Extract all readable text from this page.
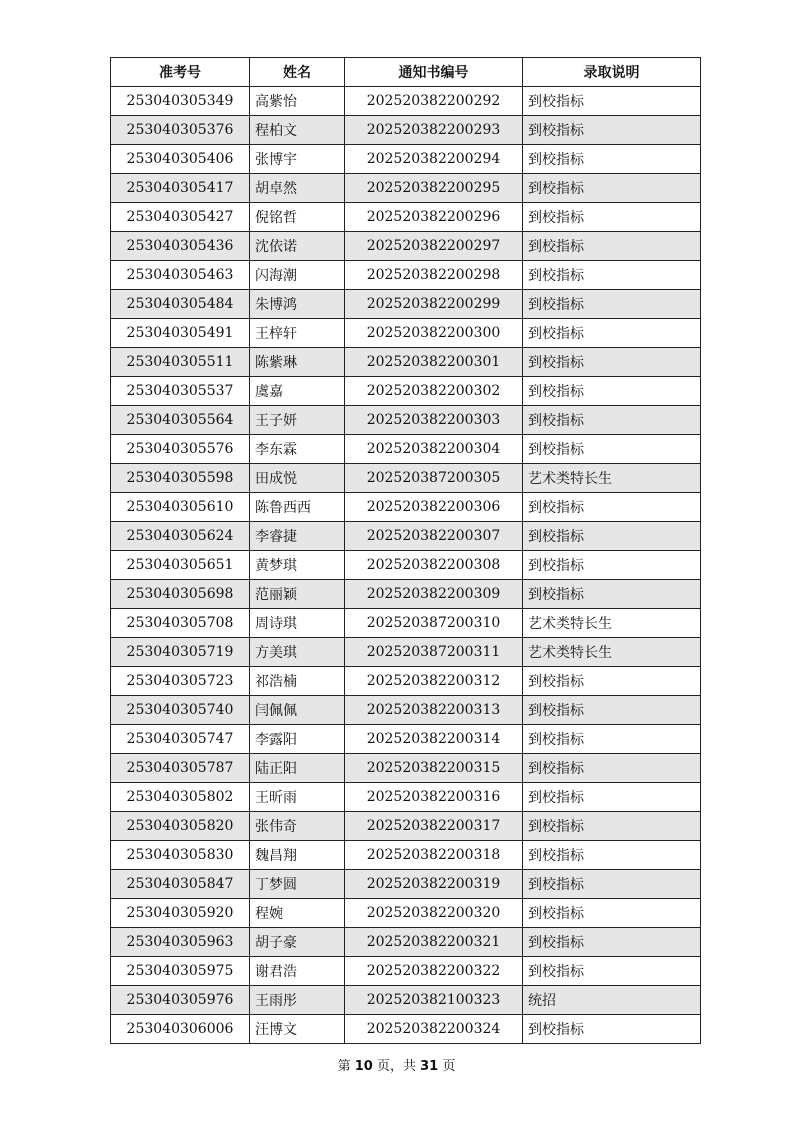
准考号	姓名	通知书编号	录取说明
253040305349	高紫怡	202520382200292	到校指标
253040305376	程柏文	202520382200293	到校指标
253040305406	张博宇	202520382200294	到校指标
253040305417	胡卓然	202520382200295	到校指标
253040305427	倪铭哲	202520382200296	到校指标
253040305436	沈依诺	202520382200297	到校指标
253040305463	闪海潮	202520382200298	到校指标
253040305484	朱博鸿	202520382200299	到校指标
253040305491	王梓轩	202520382200300	到校指标
253040305511	陈紫琳	202520382200301	到校指标
253040305537	虞嘉	202520382200302	到校指标
253040305564	王子妍	202520382200303	到校指标
253040305576	李东霖	202520382200304	到校指标
253040305598	田成悦	202520387200305	艺术类特长生
253040305610	陈鲁西西	202520382200306	到校指标
253040305624	李睿捷	202520382200307	到校指标
253040305651	黄梦琪	202520382200308	到校指标
253040305698	范丽颖	202520382200309	到校指标
253040305708	周诗琪	202520387200310	艺术类特长生
253040305719	方美琪	202520387200311	艺术类特长生
253040305723	祁浩楠	202520382200312	到校指标
253040305740	闫佩佩	202520382200313	到校指标
253040305747	李露阳	202520382200314	到校指标
253040305787	陆正阳	202520382200315	到校指标
253040305802	王昕雨	202520382200316	到校指标
253040305820	张伟奇	202520382200317	到校指标
253040305830	魏昌翔	202520382200318	到校指标
253040305847	丁梦圆	202520382200319	到校指标
253040305920	程婉	202520382200320	到校指标
253040305963	胡子豪	202520382200321	到校指标
253040305975	谢君浩	202520382200322	到校指标
253040305976	王雨彤	202520382100323	统招
253040306006	汪博文	202520382200324	到校指标
第 10 页，共 31 页
